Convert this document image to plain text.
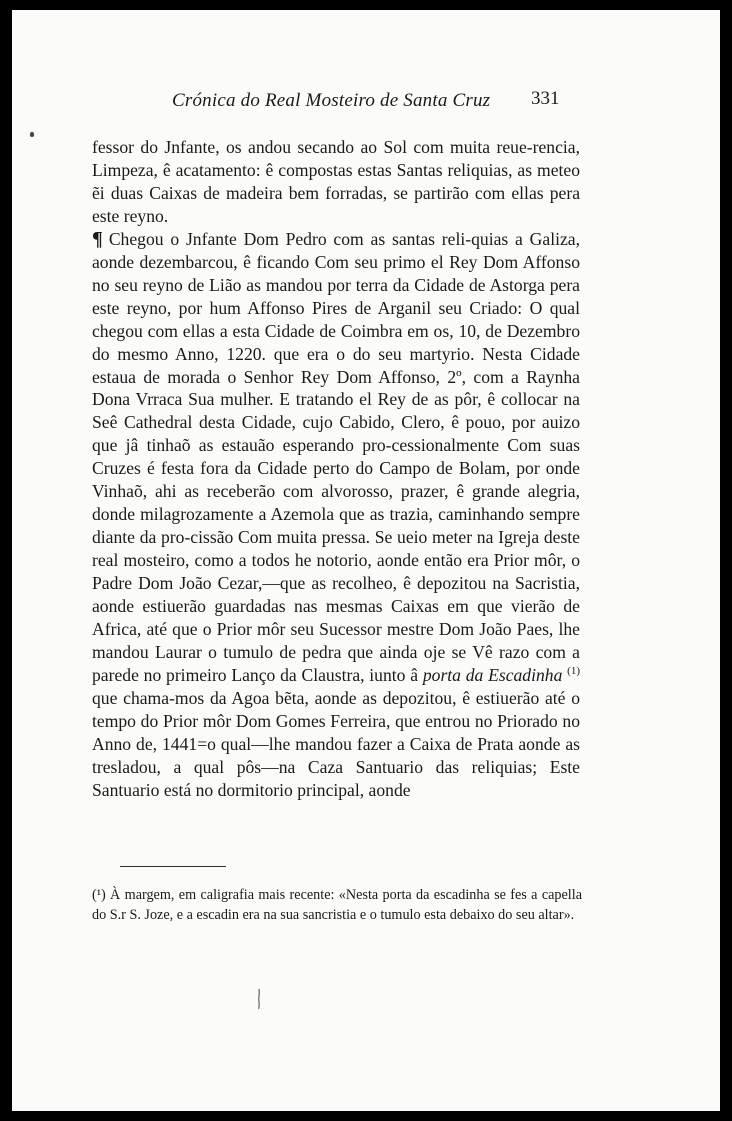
Crónica do Real Mosteiro de Santa Cruz 331

fessor do Jnfante, os andou secando ao Sol com muita reue-rencia, Limpeza, ê acatamento: ê compostas estas Santas reliquias, as meteo ẽi duas Caixas de madeira bem forradas, se partirão com ellas pera este reyno.

¶ Chegou o Jnfante Dom Pedro com as santas reli-quias a Galiza, aonde dezembarcou, ê ficando Com seu primo el Rey Dom Affonso no seu reyno de Lião as mandou por terra da Cidade de Astorga pera este reyno, por hum Affonso Pires de Arganil seu Criado: O qual chegou com ellas a esta Cidade de Coimbra em os, 10, de Dezembro do mesmo Anno, 1220. que era o do seu martyrio. Nesta Cidade estaua de morada o Senhor Rey Dom Affonso, 2º, com a Raynha Dona Vrraca Sua mulher. E tratando el Rey de as pôr, ê collocar na Seê Cathedral desta Cidade, cujo Cabido, Clero, ê pouo, por auizo que jâ tinhaõ as estauão esperando pro-cessionalmente Com suas Cruzes é festa fora da Cidade perto do Campo de Bolam, por onde Vinhaõ, ahi as receberão com alvorosso, prazer, ê grande alegria, donde milagrozamente a Azemola que as trazia, caminhando sempre diante da pro-cissão Com muita pressa. Se ueio meter na Igreja deste real mosteiro, como a todos he notorio, aonde então era Prior môr, o Padre Dom João Cezar,—que as recolheo, ê depozitou na Sacristia, aonde estiuerão guardadas nas mesmas Caixas em que vierão de Africa, até que o Prior môr seu Sucessor mestre Dom João Paes, lhe mandou Laurar o tumulo de pedra que ainda oje se Vê razo com a parede no primeiro Lanço da Claustra, iunto â porta da Escadinha $^{(1)}$ que chama-mos da Agoa bẽta, aonde as depozitou, ê estiuerão até o tempo do Prior môr Dom Gomes Ferreira, que entrou no Priorado no Anno de, 1441=o qual—lhe mandou fazer a Caixa de Prata aonde as tresladou, a qual pôs—na Caza Santuario das reliquias; Este Santuario está no dormitorio principal, aonde

(¹) À margem, em caligrafia mais recente: «Nesta porta da escadinha se fes a capella do S.r S. Joze, e a escadin era na sua sancristia e o tumulo esta debaixo do seu altar».
